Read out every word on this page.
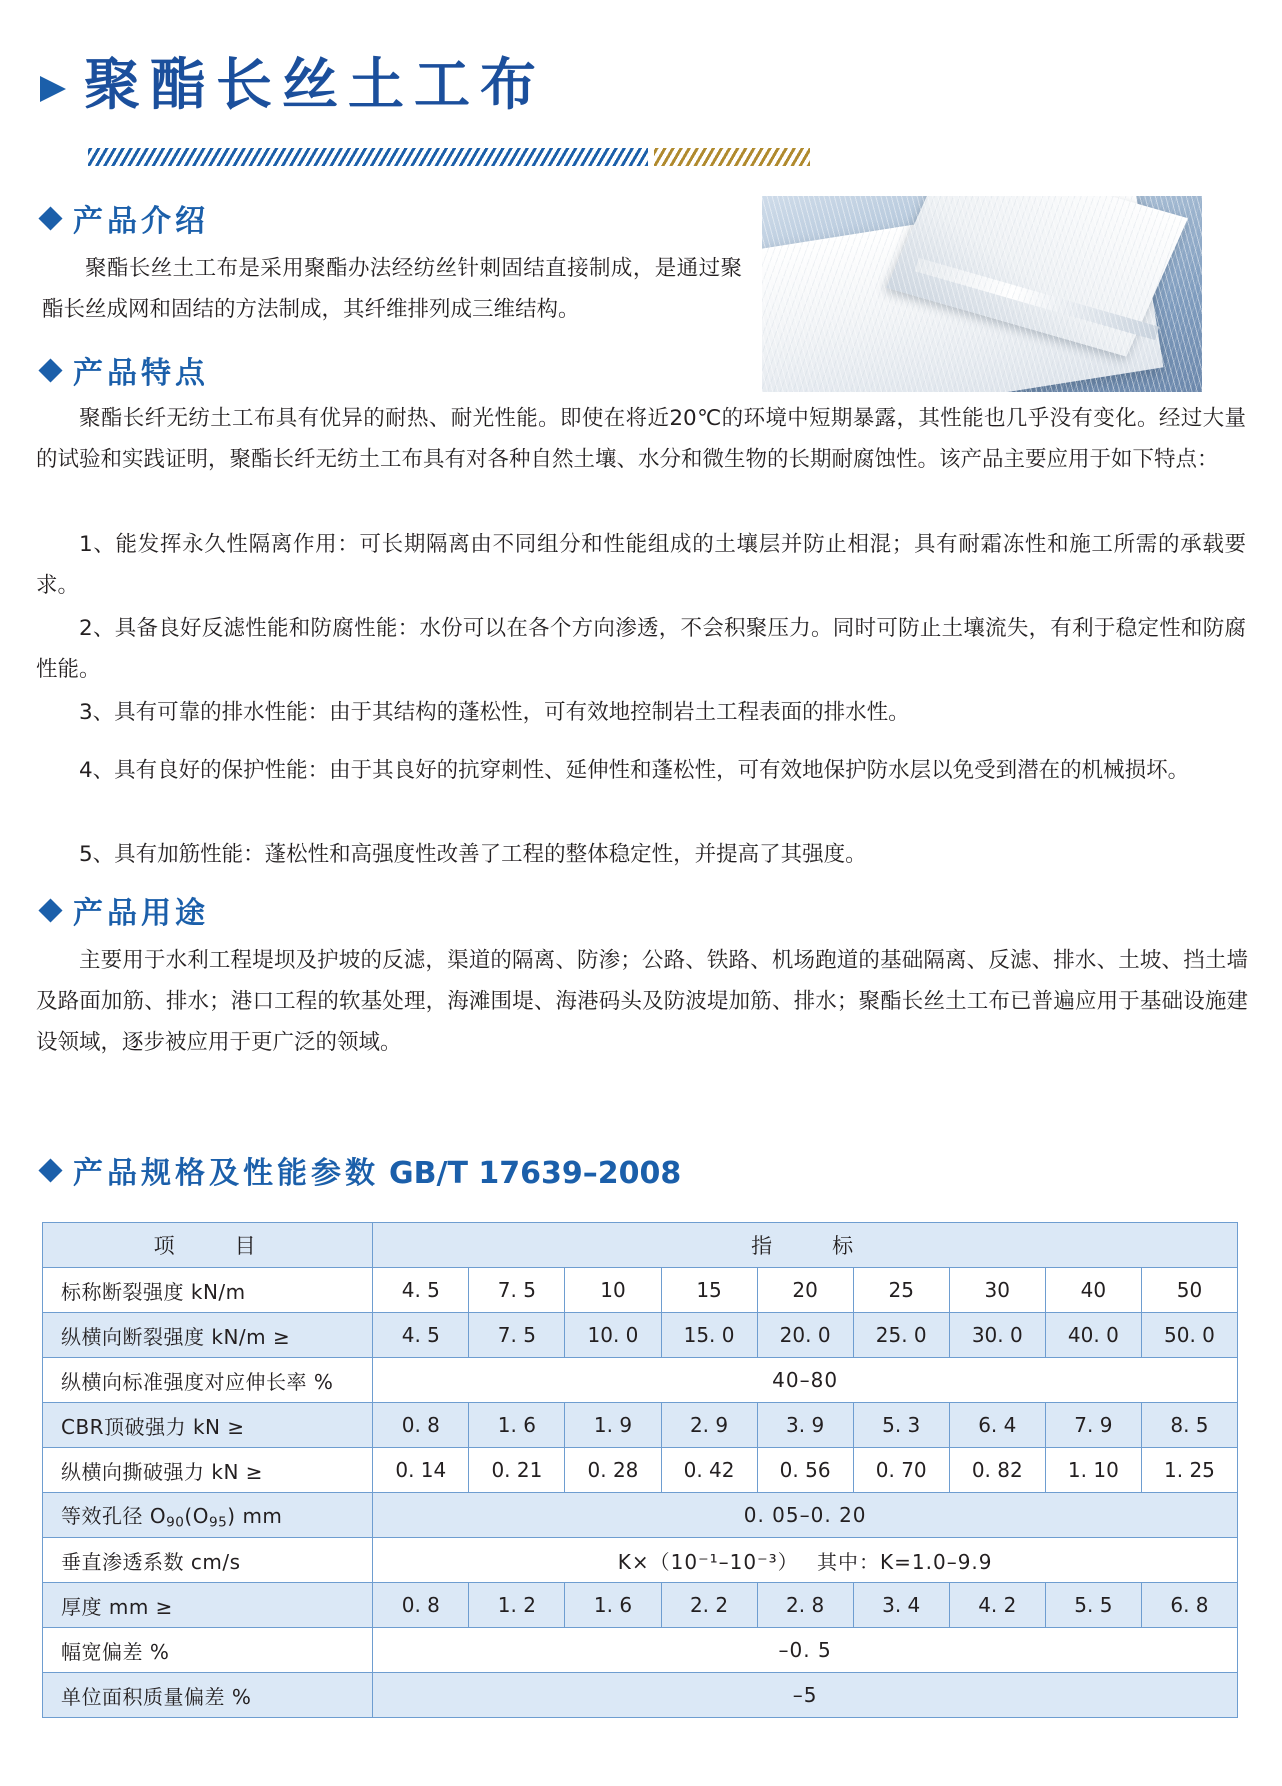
聚酯长丝土工布
产品介绍
聚酯长丝土工布是采用聚酯办法经纺丝针刺固结直接制成，是通过聚酯长丝成网和固结的方法制成，其纤维排列成三维结构。
产品特点
聚酯长纤无纺土工布具有优异的耐热、耐光性能。即使在将近20℃的环境中短期暴露，其性能也几乎没有变化。经过大量的试验和实践证明，聚酯长纤无纺土工布具有对各种自然土壤、水分和微生物的长期耐腐蚀性。该产品主要应用于如下特点：
1、能发挥永久性隔离作用：可长期隔离由不同组分和性能组成的土壤层并防止相混；具有耐霜冻性和施工所需的承载要求。
2、具备良好反滤性能和防腐性能：水份可以在各个方向渗透，不会积聚压力。同时可防止土壤流失，有利于稳定性和防腐性能。
3、具有可靠的排水性能：由于其结构的蓬松性，可有效地控制岩土工程表面的排水性。
4、具有良好的保护性能：由于其良好的抗穿刺性、延伸性和蓬松性，可有效地保护防水层以免受到潜在的机械损坏。
5、具有加筋性能：蓬松性和高强度性改善了工程的整体稳定性，并提高了其强度。
产品用途
主要用于水利工程堤坝及护坡的反滤，渠道的隔离、防渗；公路、铁路、机场跑道的基础隔离、反滤、排水、土坡、挡土墙及路面加筋、排水；港口工程的软基处理，海滩围堤、海港码头及防波堤加筋、排水；聚酯长丝土工布已普遍应用于基础设施建设领域，逐步被应用于更广泛的领域。
产品规格及性能参数 GB/T 17639–2008
项　　目	指　　标								
标称断裂强度 kN/m	4. 5	7. 5	10	15	20	25	30	40	50
纵横向断裂强度 kN/m ≥	4. 5	7. 5	10. 0	15. 0	20. 0	25. 0	30. 0	40. 0	50. 0
纵横向标准强度对应伸长率 %	40–80								
CBR顶破强力 kN ≥	0. 8	1. 6	1. 9	2. 9	3. 9	5. 3	6. 4	7. 9	8. 5
纵横向撕破强力 kN ≥	0. 14	0. 21	0. 28	0. 42	0. 56	0. 70	0. 82	1. 10	1. 25
等效孔径 $O_{90}(O_{95})$ mm	0. 05–0. 20								
垂直渗透系数 cm/s	K×（10⁻¹–10⁻³）　 其中：K=1.0–9.9								
厚度 mm ≥	0. 8	1. 2	1. 6	2. 2	2. 8	3. 4	4. 2	5. 5	6. 8
幅宽偏差 %	–0. 5								
单位面积质量偏差 %	–5								
